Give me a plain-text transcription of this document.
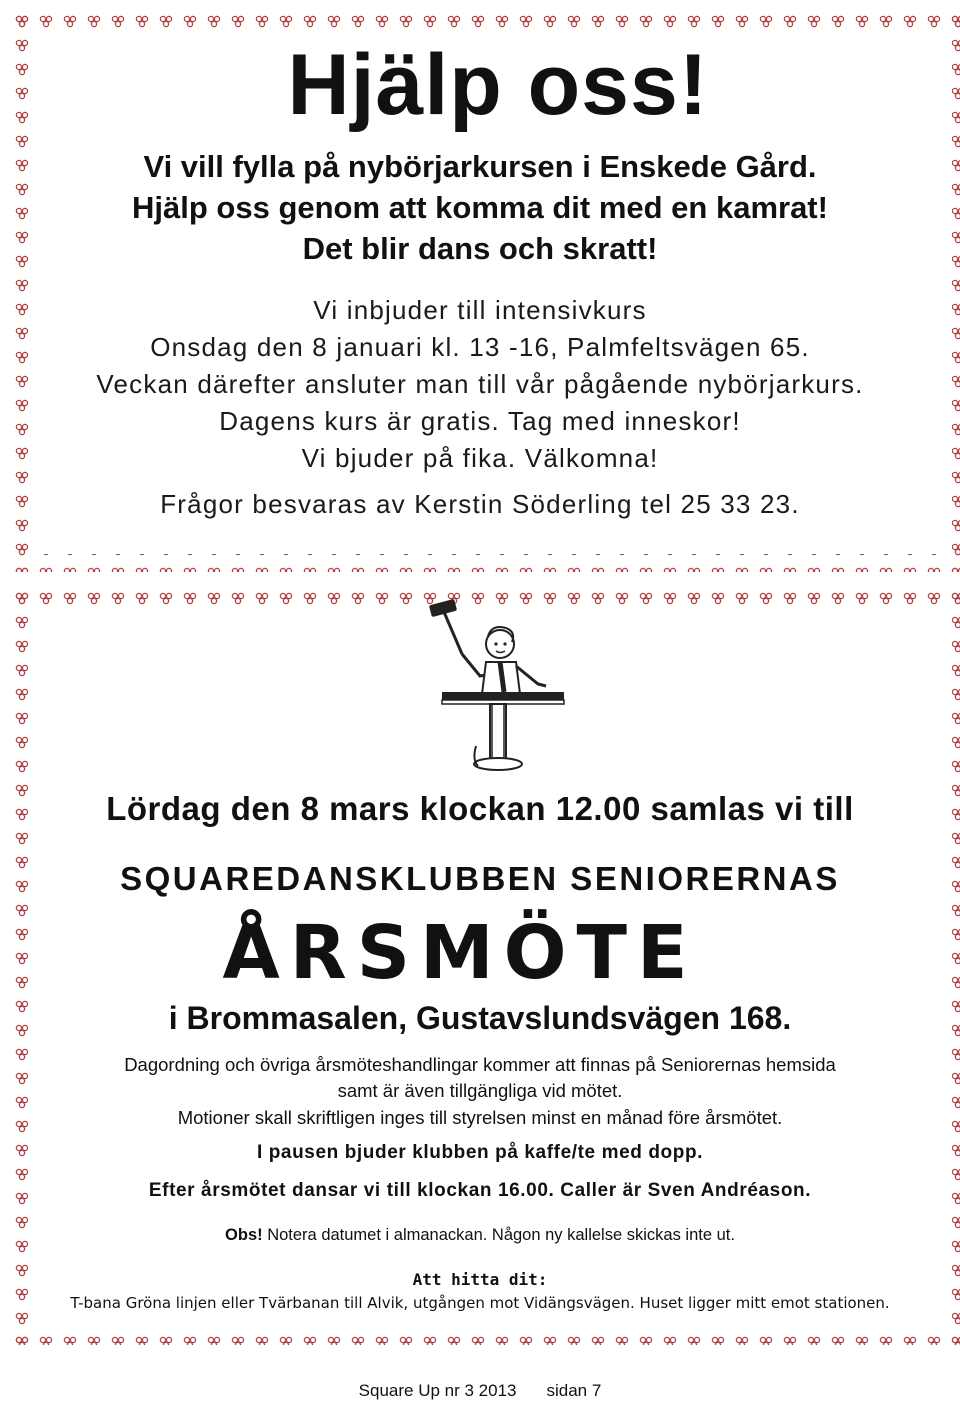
Hjälp oss!
Vi vill fylla på nybörjarkursen i Enskede Gård.
Hjälp oss genom att komma dit med en kamrat!
Det blir dans och skratt!
Vi inbjuder till intensivkurs
Onsdag den 8 januari kl. 13 -16, Palmfeltsvägen 65.
Veckan därefter ansluter man till vår pågående nybörjarkurs.
Dagens kurs är gratis. Tag med inneskor!
Vi bjuder på fika. Välkomna!
Frågor besvaras av Kerstin Söderling tel 25 33 23.
Lördag den 8 mars klockan 12.00 samlas vi till
SQUAREDANSKLUBBEN SENIORERNAS
ÅRSMÖTE
i Brommasalen, Gustavslundsvägen 168.
Dagordning och övriga årsmöteshandlingar kommer att finnas på Seniorernas hemsida
samt är även tillgängliga vid mötet.
Motioner skall skriftligen inges till styrelsen minst en månad före årsmötet.
I pausen bjuder klubben på kaffe/te med dopp.
Efter årsmötet dansar vi till klockan 16.00. Caller är Sven Andréason.
Obs! Notera datumet i almanackan. Någon ny kallelse skickas inte ut.
Att hitta dit:
T-bana Gröna linjen eller Tvärbanan till Alvik, utgången mot Vidängsvägen. Huset ligger mitt emot stationen.
Square Up nr 3 2013 sidan 7
